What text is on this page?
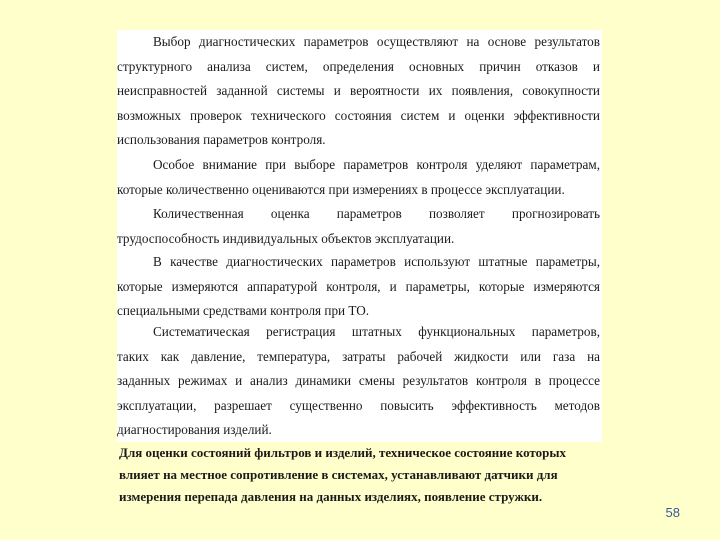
Выбор диагностических параметров осуществляют на основе результатов
структурного анализа систем, определения основных причин отказов и
неисправностей заданной системы и вероятности их появления, совокупности
возможных проверок технического состояния систем и оценки эффективности
использования параметров контроля.
Особое внимание при выборе параметров контроля уделяют параметрам,
которые количественно оцениваются при измерениях в процессе эксплуатации.
Количественная оценка параметров позволяет прогнозировать
трудоспособность индивидуальных объектов эксплуатации.
В качестве диагностических параметров используют штатные параметры,
которые измеряются аппаратурой контроля, и параметры, которые измеряются
специальными средствами контроля при ТО.
Систематическая регистрация штатных функциональных параметров,
таких как давление, температура, затраты рабочей жидкости или газа на
заданных режимах и анализ динамики смены результатов контроля в процессе
эксплуатации, разрешает существенно повысить эффективность методов
диагностирования изделий.
Для оценки состояний фильтров и изделий, техническое состояние которых
влияет на местное сопротивление в системах, устанавливают датчики для
измерения перепада давления на данных изделиях, появление стружки.
58
